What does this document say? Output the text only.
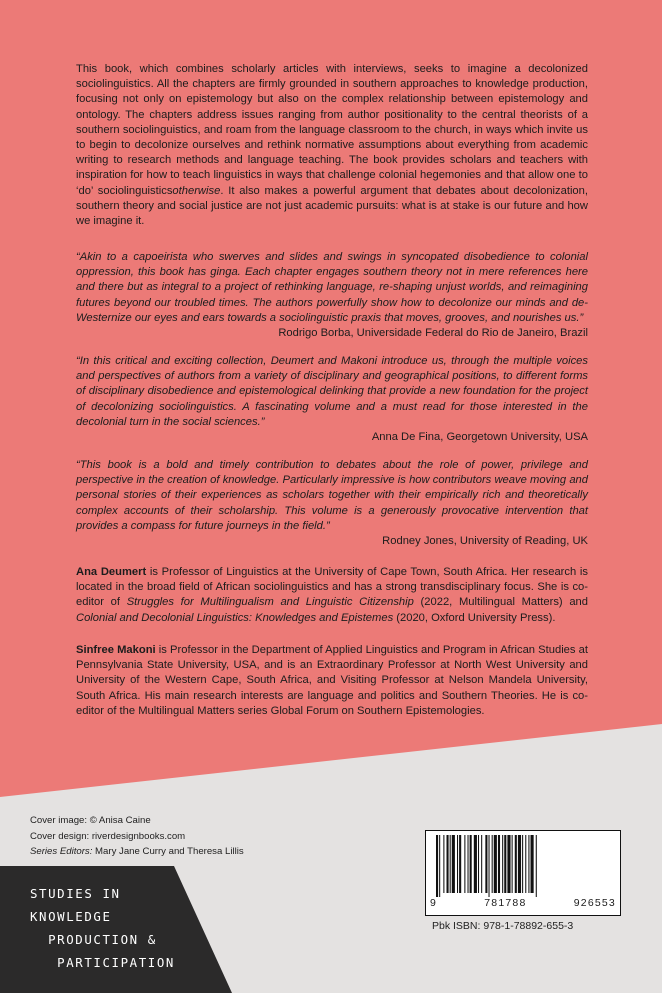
This book, which combines scholarly articles with interviews, seeks to imagine a decolonized sociolinguistics. All the chapters are firmly grounded in southern approaches to knowledge production, focusing not only on epistemology but also on the complex relationship between epistemology and ontology. The chapters address issues ranging from author positionality to the central theorists of a southern sociolinguistics, and roam from the language classroom to the church, in ways which invite us to begin to decolonize ourselves and rethink normative assumptions about everything from academic writing to research methods and language teaching. The book provides scholars and teachers with inspiration for how to teach linguistics in ways that challenge colonial hegemonies and that allow one to ‘do’ sociolinguisticsotherwise. It also makes a powerful argument that debates about decolonization, southern theory and social justice are not just academic pursuits: what is at stake is our future and how we imagine it.
“Akin to a capoeirista who swerves and slides and swings in syncopated disobedience to colonial oppression, this book has ginga. Each chapter engages southern theory not in mere references here and there but as integral to a project of rethinking language, re-shaping unjust worlds, and reimagining futures beyond our troubled times. The authors powerfully show how to decolonize our minds and de-Westernize our eyes and ears towards a sociolinguistic praxis that moves, grooves, and nourishes us.”
Rodrigo Borba, Universidade Federal do Rio de Janeiro, Brazil
“In this critical and exciting collection, Deumert and Makoni introduce us, through the multiple voices and perspectives of authors from a variety of disciplinary and geographical positions, to different forms of disciplinary disobedience and epistemological delinking that provide a new foundation for the project of decolonizing sociolinguistics. A fascinating volume and a must read for those interested in the decolonial turn in the social sciences.”
Anna De Fina, Georgetown University, USA
“This book is a bold and timely contribution to debates about the role of power, privilege and perspective in the creation of knowledge. Particularly impressive is how contributors weave moving and personal stories of their experiences as scholars together with their empirically rich and theoretically complex accounts of their scholarship. This volume is a generously provocative intervention that provides a compass for future journeys in the field.”
Rodney Jones, University of Reading, UK
Ana Deumert is Professor of Linguistics at the University of Cape Town, South Africa. Her research is located in the broad field of African sociolinguistics and has a strong transdisciplinary focus. She is co-editor of Struggles for Multilingualism and Linguistic Citizenship (2022, Multilingual Matters) and Colonial and Decolonial Linguistics: Knowledges and Epistemes (2020, Oxford University Press).
Sinfree Makoni is Professor in the Department of Applied Linguistics and Program in African Studies at Pennsylvania State University, USA, and is an Extraordinary Professor at North West University and University of the Western Cape, South Africa, and Visiting Professor at Nelson Mandela University, South Africa. His main research interests are language and politics and Southern Theories. He is co-editor of the Multilingual Matters series Global Forum on Southern Epistemologies.
Cover image: © Anisa Caine
Cover design: riverdesignbooks.com
Series Editors: Mary Jane Curry and Theresa Lillis
STUDIES IN
KNOWLEDGE
PRODUCTION &
PARTICIPATION
9	781788	926553
Pbk ISBN: 978-1-78892-655-3
